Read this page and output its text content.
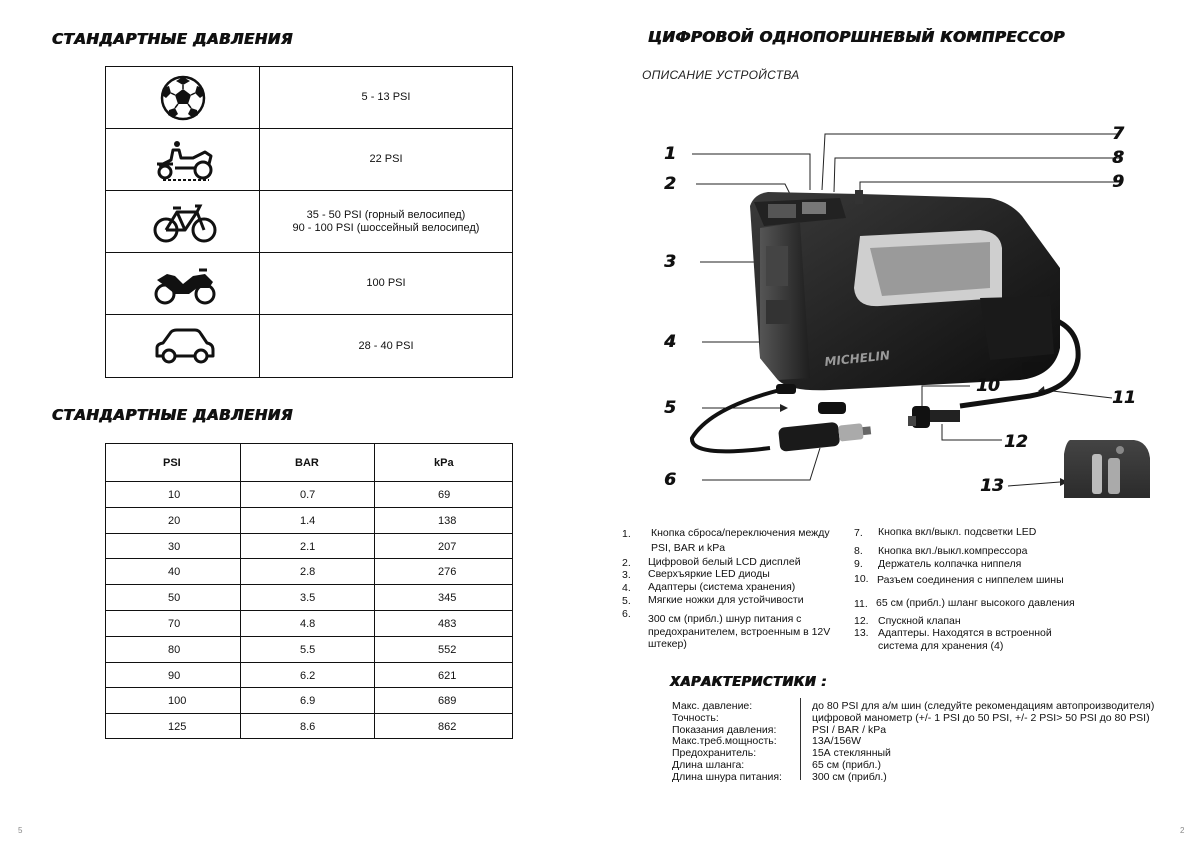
СТАНДАРТНЫЕ ДАВЛЕНИЯ
5 - 13 PSI
22 PSI
35 - 50 PSI (горный велосипед)
90 - 100 PSI (шоссейный велосипед)
100 PSI
28 - 40 PSI
СТАНДАРТНЫЕ ДАВЛЕНИЯ
PSI	BAR	kPa
10	0.7	69
20	1.4	138
30	2.1	207
40	2.8	276
50	3.5	345
70	4.8	483
80	5.5	552
90	6.2	621
100	6.9	689
125	8.6	862
5
ЦИФРОВОЙ ОДНОПОРШНЕВЫЙ КОМПРЕССОР
ОПИСАНИЕ УСТРОЙСТВА
MICHELIN
1
2
3
4
5
6
7
8
9
10
11
12
13
1. Кнопка сброса/переключения между
PSI, BAR и kPa
2. Цифровой белый LCD дисплей
3. Сверхъяркие LED диоды
4. Адаптеры (система хранения)
5. Мягкие ножки для устойчивости
6. 300 см (прибл.) шнур питания с
предохранителем, встроенным в 12V
штекер)
7. Кнопка вкл/выкл. подсветки LED
8. Кнопка вкл./выкл.компрессора
9. Держатель колпачка ниппеля
10. Разъем соединения с ниппелем шины
11. 65 см (прибл.) шланг высокого давления
12. Спускной клапан
13. Адаптеры. Находятся в встроенной
система для хранения (4)
ХАРАКТЕРИСТИКИ :
Макс. давление:	до 80 PSI для а/м шин (следуйте рекомендациям автопроизводителя)
Точность:	цифровой манометр (+/- 1 PSI до 50 PSI, +/- 2 PSI> 50 PSI до 80 PSI)
Показания давления:	PSI / BAR / kPa
Макс.треб.мощность:	13A/156W
Предохранитель:	15А стеклянный
Длина шланга:	65 см (прибл.)
Длина шнура питания:	300 см (прибл.)
2
